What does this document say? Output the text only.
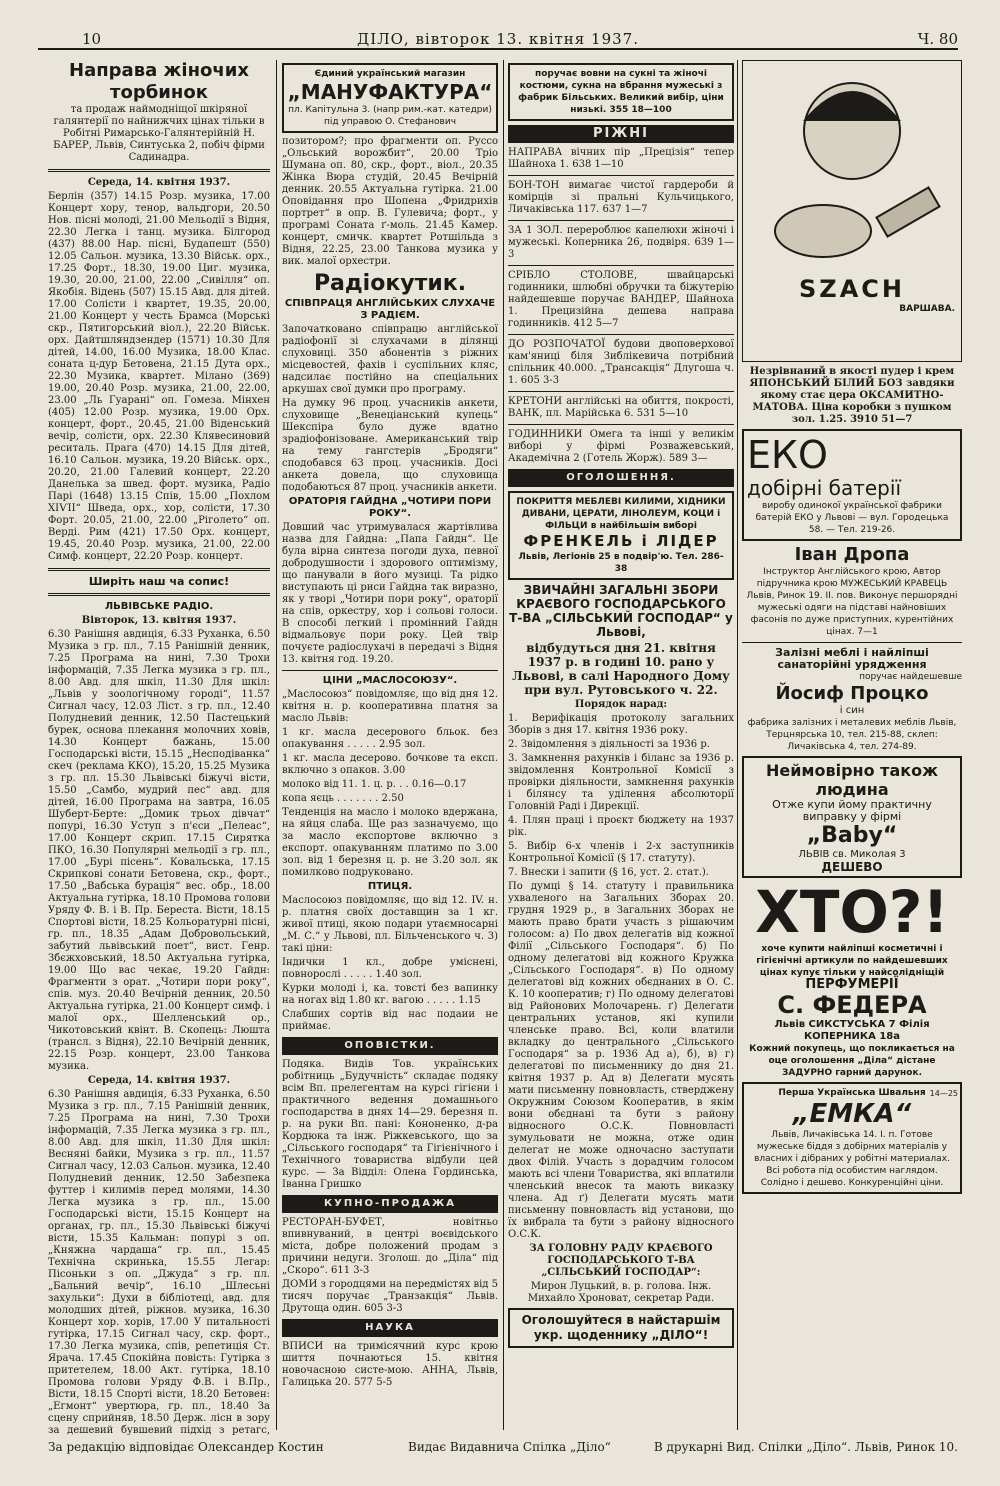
10	ДІЛО, вівторок 13. квітня 1937.	Ч. 80
Направа жіночих торбинок

та продаж наймодніщої шкіряної галянтерії по найнижчих цінах тільки в Робітні Римарсько-Галянтерійній Н. БАРЕР, Львів, Синтуська 2, побіч фірми Садинадра.

Середа, 14. квітня 1937.

Берлін (357) 14.15 Розр. музика, 17.00 Концерт хору, тенор, вальдгори, 20.50 Нов. пісні молоді, 21.00 Мельодії з Відня, 22.30 Легка і танц. музика. Білгород (437) 88.00 Нар. пісні, Будапешт (550) 12.05 Сальон. музика, 13.30 Військ. орх., 17.25 Форт., 18.30, 19.00 Циг. музика, 19.30, 20.00, 21.00, 22.00 „Сивілля“ оп. Якобія. Відень (507) 15.15 Авд. для дітей. 17.00 Солісти і квартет, 19.35, 20.00, 21.00 Концерт у честь Брамса (Морські скр., Пятигорський віол.), 22.20 Військ. орх. Дайтшляндзендер (1571) 10.30 Для дітей, 14.00, 16.00 Музика, 18.00 Клас. соната ц-дур Бетовена, 21.15 Дута орх., 22.30 Музика, квартет. Мілано (369) 19.00, 20.40 Розр. музика, 21.00, 22.00, 23.00 „Ль Гуарані“ оп. Гомеза. Мінхен (405) 12.00 Розр. музика, 19.00 Орх. концерт, форт., 20.45, 21.00 Віденський вечір, солісти, орх. 22.30 Клявесиновий реситаль. Прага (470) 14.15 Для дітей, 16.10 Сальон. музика, 19.20 Військ. орх., 20.20, 21.00 Галевий концерт, 22.20 Данелька за швед. форт. музика, Радіо Парі (1648) 13.15 Спів, 15.00 „Похлом ХІѴІІ“ Шведа, орх., хор, солісти, 17.30 Форт. 20.05, 21.00, 22.00 „Ріголето“ оп. Верді. Рим (421) 17.50 Орх. концерт, 19.45, 20.40 Розр. музика, 21.00, 22.00 Симф. концерт, 22.20 Розр. концерт.

Ширіть наш ча сопис!

ЛЬВІВСЬКЕ РАДІО.

Вівторок, 13. квітня 1937.

6.30 Ранішня авдиція, 6.33 Руханка, 6.50 Музика з гр. пл., 7.15 Ранішній денник, 7.25 Програма на нині, 7.30 Трохи інформацій, 7.35 Легка музика з гр. пл., 8.00 Авд. для шкіл, 11.30 Для шкіл: „Львів у зоологічному городі“, 11.57 Сигнал часу, 12.03 Ліст. з гр. пл., 12.40 Полудневий денник, 12.50 Пастецький бурек, основа плекання молочних ховів, 14.30 Концерт бажань, 15.00 Господарські вісти, 15.15 „Несподіванка“ скеч (реклама ККО), 15.20, 15.25 Музика з гр. пл. 15.30 Львівські біжучі вісти, 15.50 „Самбо, мудрий пес“ авд. для дітей, 16.00 Програма на завтра, 16.05 Шуберт-Берте: „Домик трьох дівчат“ попурі, 16.30 Уступ з п'єси „Пелеас“, 17.00 Концерт скрип. 17.15 Сирятка ПКО, 16.30 Популярні мельодії з гр. пл., 17.00 „Бурі пісень“. Ковальська, 17.15 Скрипкові сонати Бетовена, скр., форт., 17.50 „Вабська бурація“ вес. обр., 18.00 Актуальна гутірка, 18.10 Промова голови Уряду Ф. В. і В. Пр. Береста. Вісти, 18.15 Спортові вісти, 18.25 Кольоратурні пісні, гр. пл., 18.35 „Адам Добровольський, забутий львівський поет“, вист. Генр. Збєжховський, 18.50 Актуальна гутірка, 19.00 Що вас чекає, 19.20 Гайдн: Фрагменти з орат. „Чотири пори року“, спів. муз. 20.40 Вечірній денник, 20.50 Актуальна гутірка, 21.00 Концерт симф. і малої орх., Шелленський ор., Чикотовський квінт. В. Скопець: Люшта (трансл. з Відня), 22.10 Вечірній денник, 22.15 Розр. концерт, 23.00 Танкова музика.

Середа, 14. квітня 1937.

6.30 Ранішня авдиція, 6.33 Руханка, 6.50 Музика з гр. пл., 7.15 Ранішній денник, 7.25 Програма на нині, 7.30 Трохи інформацій, 7.35 Легка музика з гр. пл., 8.00 Авд. для шкіл, 11.30 Для шкіл: Весняні байки, Музика з гр. пл., 11.57 Сигнал часу, 12.03 Сальон. музика, 12.40 Полудневий денник, 12.50 Забезпека футтер і килимів перед молями, 14.30 Легка музика з гр. пл., 15.00 Господарські вісти, 15.15 Концерт на органах, гр. пл., 15.30 Львівські біжучі вісти, 15.35 Кальман: попурі з оп. „Княжна чардаша“ гр. пл., 15.45 Технічна скринька, 15.55 Легар: Пісоньки з оп. „Джуда“ з гр. пл. „Бальний вечір“, 16.10 „Шлесьні захульки“: Духи в бібліотеці, авд. для молодших дітей, ріжнов. музика, 16.30 Концерт хор. хорів, 17.00 У питальності гутірка, 17.15 Сигнал часу, скр. форт., 17.30 Легка музика, спів, репетиція Ст. Ярача. 17.45 Спокійна повість: Гутірка з притетелем, 18.00 Акт. гутірка, 18.10 Промова голови Уряду Ф.В. і В.Пр., Вісти, 18.15 Спорті вісти, 18.20 Бетовен: „Егмонт“ увертюра, гр. пл., 18.40 За сцену сприйняв, 18.50 Держ. лісн в зору за дешевий бувшевий підхід з ретагс,

Єдиний український магазин
„МАНУФАКТУРА“
пл. Капітульна 3. (напр рим.-кат. катедри) під управою О. Стефанович

позитором?; про фрагменти оп. Руссо „Ольський ворожбит“, 20.00 Тріо Шумана оп. 80, скр., форт., віол., 20.35 Жінка Вюра студій, 20.45 Вечірній денник. 20.55 Актуальна гутірка. 21.00 Оповідання про Шопена „Фридрихів портрет“ в опр. В. Гулевича; форт., у програмі Соната ґ-моль. 21.45 Камер. концерт, смичк. квартет Ротшільда з Відня, 22.25, 23.00 Танкова музика у вик. малої орхестри.

Радіокутик.

СПІВПРАЦЯ АНГЛІЙСЬКИХ СЛУХАЧЕ З РАДІЄМ.

Започатковано співпрацю англійської радіофонії зі слухачами в ділянці слуховиці. 350 абонентів з ріжних місцевостей, фахів і суспільних кляс, надсилає постійно на спеціальних аркушах свої думки про програму.

На думку 96 проц. учасників анкети, слуховище „Венеціанський купець“ Шекспіра було дуже вдатно зрадіофонізоване. Американський твір на тему гангстерів „Бродяги“ сподобався 63 проц. учасників. Досі анкета довела, що слуховища подобаються 87 проц. учасників анкети.

ОРАТОРІЯ ГАЙДНА „ЧОТИРИ ПОРИ РОКУ“.

Довший час утримувалася жартівлива назва для Гайдна: „Папа Гайдн“. Це була вірна синтеза погоди духа, певної добродушности і здорового оптимізму, що панували в його музиці. Та рідко виступають ці риси Гайдна так виразно, як у творі „Чотири пори року“, ораторії на спів, оркестру, хор і сольові голоси. В способі легкий і промінний Гайдн відмальовує пори року. Цей твір почуєте радіослухачі в передачі з Відня 13. квітня год. 19.20.

ЦІНИ „МАСЛОСОЮЗУ“.

„Маслосоюз“ повідомляє, що від дня 12. квітня н. р. кооперативна платня за масло Львів:

1 кг. масла десерового бльок. без опакування . . . . . 2.95 зол.

1 кг. масла десерово. бочкове та експ. включно з опаков. 3.00

молоко від 11. 1. ц. р. . . 0.16—0.17

копа яєць . . . . . . . 2.50

Тенденція на масло і молоко вдержана, на яйця слаба. Ще раз зазначуємо, що за масло експортове включно з експорт. опакуванням платимо по 3.00 зол. від 1 березня ц. р. не 3.20 зол. як помилково подруковано.

ПТИЦЯ.

Маслосоюз повідомляє, що від 12. IV. н. р. платня своїх доставщин за 1 кг. живої птиці, якою подари утаємносарні „М. С.“ у Львові, пл. Більченського ч. 3) такі ціни:

Індички 1 кл., добре уміснені, повнорослі . . . . . 1.40 зол.

Курки молоді і, ка. товсті без вапинку на ногах від 1.80 кг. вагою . . . . . 1.15

Слабших сортів від нас подаии не приймає.

ОПОВІСТКИ.

Подяка. Видів Тов. українських робітниць „Будучність“ складає подяку всім Вп. прелегентам на курсі гігієни і практичного ведення домашнього господарства в днях 14—29. березня п. р. на руки Вп. пані: Кононенко, д-ра Кордюка та інж. Ріжкевського, що за „Сільського господаря“ та Гігієнічного і Технічного товариства відбули цей курс. — За Відділ: Олена Гординська, Іванна Гришко

КУПНО-ПРОДАЖА

РЕСТОРАН-БУФЕТ, новітньо впивнуваний, в центрі воєвідського міста, добре положений продам з причини недуги. Зголош. до „Діла“ під „Скоро“. 611 3-3

ДОМИ з городцями на передмістях від 5 тисяч поручає „Транзакція“ Львів. Друтоща один. 605 3-3

НАУКА

ВПИСИ на тримісячний курс крою шиття почнаються 15. квітня новочасною систе-мою. АННА, Львів, Галицька 20. 577 5-5

поручає вовни на сукні та жіночі костюми, сукна на вбрання мужеські з фабрик Більських. Великий вибір, ціни низькі. 355 18—100
РІЖНІ

НАПРАВА вічних пір „Прецізія“ тепер Шайноха 1. 638 1—10

БОН-ТОН вимагає чистої гардероби й комірців зі пральні Кульчицького, Личаківська 117. 637 1—7

ЗА 1 ЗОЛ. перероблює капелюхи жіночі і мужеські. Коперника 26, подвіря. 639 1—3

СРІБЛО СТОЛОВЕ, швайцарські годинники, шлюбні обручки та біжутерію найдешевше поручає ВАНДЕР, Шайноха 1. Прецизійна дешева направа годинників. 412 5—7

ДО РОЗПОЧАТОЇ будови двоповерхової кам'яниці біля Зиблікевича потрібний спільник 40.000. „Трансакція“ Длугоша ч. 1. 605 3-3

КРЕТОНИ англійські на обиття, покрості, ВАНК, пл. Марійська 6. 531 5—10

ГОДИННИКИ Омега та інші у великім виборі у фірмі Розважевський, Академічна 2 (Готель Жорж). 589 3—

ОГОЛОШЕННЯ.
ПОКРИТТЯ МЕБЛЕВІ КИЛИМИ, ХІДНИКИ ДИВАНИ, ЦЕРАТИ, ЛІНОЛЕУМ, КОЦИ і ФІЛЬЦИ в найбільшім виборі
ФРЕНКЕЛЬ і ЛІДЕР
Львів, Легіонів 25 в подвір'ю. Тел. 286-38

ЗВИЧАЙНІ ЗАГАЛЬНІ ЗБОРИ КРАЄВОГО ГОСПОДАРСЬКОГО Т-ВА „СІЛЬСЬКИЙ ГОСПОДАР“ у Львові,

відбудуться дня 21. квітня 1937 р. в годині 10. рано у Львові, в салі Народного Дому при вул. Рутовського ч. 22.

Порядок нарад:

1. Верифікація протоколу загальних Зборів з дня 17. квітня 1936 року.

2. Звідомлення з діяльності за 1936 р.

3. Замкнення рахунків і біланс за 1936 р. звідомлення Контрольної Комісії з провірки діяльности, замкнення рахунків і білянсу та уділення абсолюторії Головній Раді і Дирекції.

4. Плян праці і проєкт бюджету на 1937 рік.

5. Вибір 6-х членів і 2-х заступників Контрольної Комісії (§ 17. статуту).

7. Внески і запити (§ 16, уст. 2. стат.).

По думці § 14. статуту і правильника ухваленого на Загальних Зборах 20. грудня 1929 р., в Загальних Зборах не мають право брати участь з рішаючим голосом: а) По двох делегатів від кожної Філії „Сільського Господаря“. б) По одному делегатові від кожного Кружка „Сільського Господаря“. в) По одному делегатові від кожних обєднаних в О. С. К. 10 кооператив; г) По одному делегатові від Районових Молочарень. ґ) Делегати центральних установ, які купили членське право. Всі, коли влатили вкладку до центрального „Сільського Господаря“ за р. 1936 Ад а), б), в) г) делегатові по письменнику до дня 21. квітня 1937 р. Ад в) Делегати мусять мати письменну повновласть, стверджену Окружним Союзом Кооператив, в якім вони обєднані та бути з району відносного О.С.К. Повновласті зумульовати не можна, отже один делегат не може одночасно заступати двох Філій. Участь з дорадчим голосом мають всі члени Товариства, які вплатили членський внесок та мають виказку члена. Ад ґ) Делегати мусять мати письменну повновласть від установи, що їх вибрала та бути з району відносного О.С.К.

ЗА ГОЛОВНУ РАДУ КРАЄВОГО ГОСПОДАРСЬКОГО Т-ВА „СІЛЬСЬКИЙ ГОСПОДАР“:

Мирон Луцький, в. р. голова. Інж. Михайло Хроноват, секретар Ради.

Оголошуйтеся в найстаршім укр. щоденнику „ДІЛО“!
SZACH
ВАРШАВА.

Незрівнаний в якості пудер і крем ЯПОНСЬКИЙ БІЛИЙ БОЗ завдяки якому стає цера ОКСАМИТНО-МАТОВА. Ціна коробки з пушком зол. 1.25. 3910 51—7

ЕКО
добірні батерії
виробу одинокої української фабрики батерій ЕКО у Львові — вул. Городецька 58. — Тел. 219-26.
Іван Дропа
Інструктор Англійського крою, Автор підручника крою МУЖЕСЬКИЙ КРАВЕЦЬ Львів, Ринок 19. ІІ. пов. Виконує першорядні мужеські одяги на підставі найновіших фасонів по дуже приступних, курентійних цінах. 7—1
Залізні меблі і найліпші санаторійні урядження
поручає найдешевше
Йосиф Процко
і син
фабрика залізних і металевих меблів Львів, Терцнярська 10, тел. 215-88, склеп: Личаківська 4, тел. 274-89.
Неймовірно також людина
Отже купи йому практичну виправку у фірмі
„Baby“
ЛЬВІВ св. Миколая 3
ДЕШЕВО
ХТО?!
хоче купити найліпші косметичні і гігієнічні артикули по найдешевших цінах купує тільки у найсолідніщій
ПЕРФУМЕРІЇ
С. ФЕДЕРА
Львів СИКСТУСЬКА 7 Філія КОПЕРНИКА 18а
Кожний покупець, що покликається на оце оголошення „Діла“ дістане ЗАДУРНО гарний дарунок.
Перша Українська Швальня
„ЕМКА“
Львів, Личаківська 14. І. п. Готове мужеське біддя з добірних матеріалів у власних і дібраних у робітні материалах. Всі робота під особистим наглядом. Солідно і дешево. Конкуренційні ціни.
14—25
За редакцію відповідає Олександер Костин	Видає Видавнича Спілка „Діло“	В друкарні Вид. Спілки „Діло“. Львів, Ринок 10.
